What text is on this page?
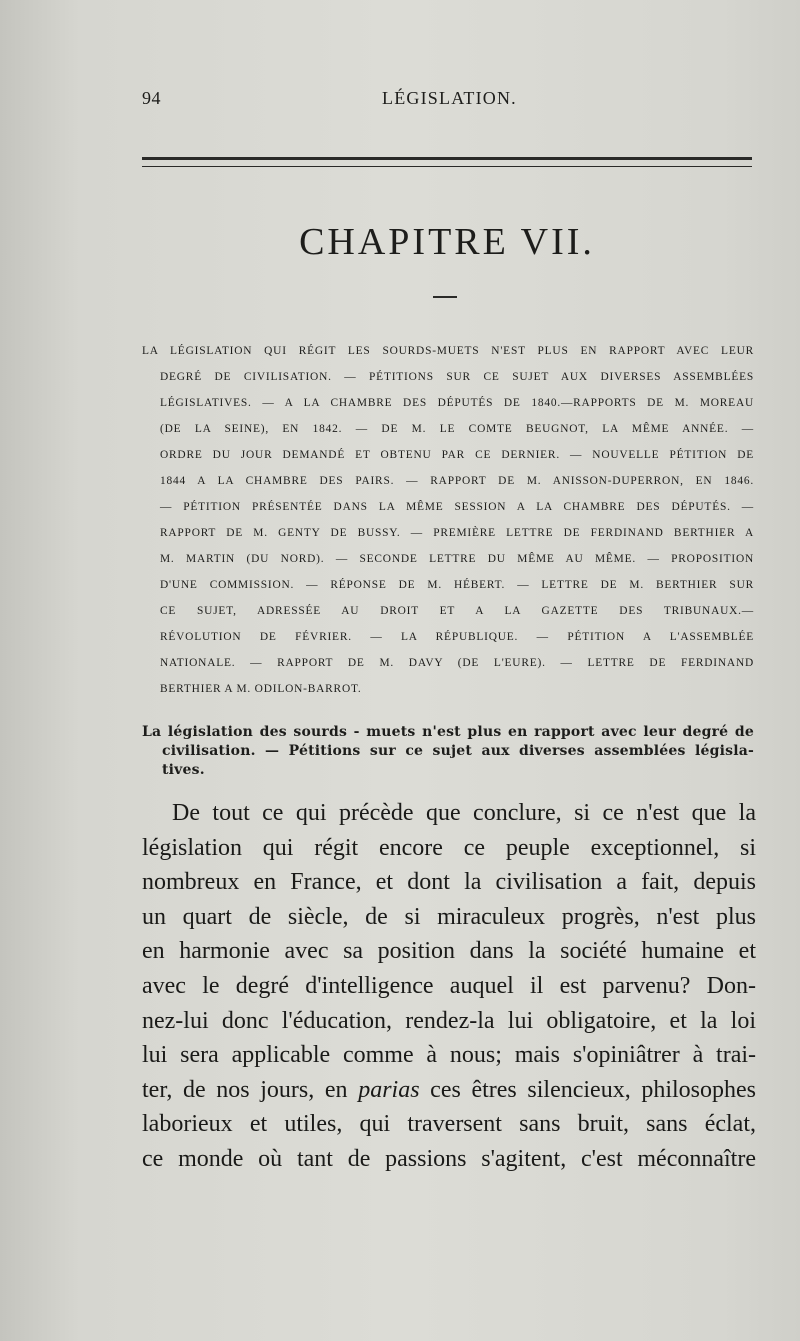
94	LÉGISLATION.
CHAPITRE VII.
LA LÉGISLATION QUI RÉGIT LES SOURDS-MUETS N'EST PLUS EN RAPPORT AVEC LEUR
DEGRÉ DE CIVILISATION. — PÉTITIONS SUR CE SUJET AUX DIVERSES ASSEMBLÉES
LÉGISLATIVES. — A LA CHAMBRE DES DÉPUTÉS DE 1840.—RAPPORTS DE M. MOREAU
(DE LA SEINE), EN 1842. — DE M. LE COMTE BEUGNOT, LA MÊME ANNÉE. —
ORDRE DU JOUR DEMANDÉ ET OBTENU PAR CE DERNIER. — NOUVELLE PÉTITION DE
1844 A LA CHAMBRE DES PAIRS. — RAPPORT DE M. ANISSON-DUPERRON, EN 1846.
— PÉTITION PRÉSENTÉE DANS LA MÊME SESSION A LA CHAMBRE DES DÉPUTÉS. —
RAPPORT DE M. GENTY DE BUSSY. — PREMIÈRE LETTRE DE FERDINAND BERTHIER A
M. MARTIN (DU NORD). — SECONDE LETTRE DU MÊME AU MÊME. — PROPOSITION
D'UNE COMMISSION. — RÉPONSE DE M. HÉBERT. — LETTRE DE M. BERTHIER SUR
CE SUJET, ADRESSÉE AU DROIT ET A LA GAZETTE DES TRIBUNAUX.—
RÉVOLUTION DE FÉVRIER. — LA RÉPUBLIQUE. — PÉTITION A L'ASSEMBLÉE
NATIONALE. — RAPPORT DE M. DAVY (DE L'EURE). — LETTRE DE FERDINAND
BERTHIER A M. ODILON-BARROT.
La législation des sourds - muets n'est plus en rapport avec leur degré de
civilisation. — Pétitions sur ce sujet aux diverses assemblées législa-
tives.
De tout ce qui précède que conclure, si ce n'est que la
législation qui régit encore ce peuple exceptionnel, si
nombreux en France, et dont la civilisation a fait, depuis
un quart de siècle, de si miraculeux progrès, n'est plus
en harmonie avec sa position dans la société humaine et
avec le degré d'intelligence auquel il est parvenu? Don-
nez-lui donc l'éducation, rendez-la lui obligatoire, et la loi
lui sera applicable comme à nous; mais s'opiniâtrer à trai-
ter, de nos jours, en parias ces êtres silencieux, philosophes
laborieux et utiles, qui traversent sans bruit, sans éclat,
ce monde où tant de passions s'agitent, c'est méconnaître
